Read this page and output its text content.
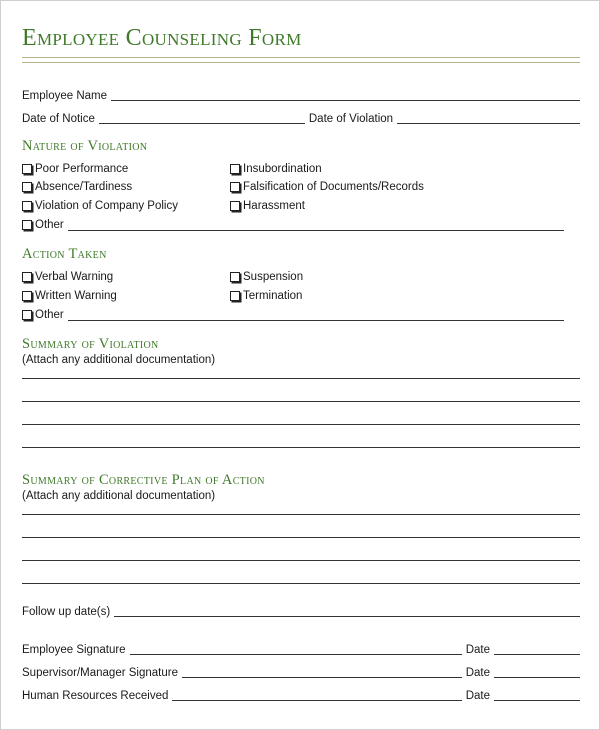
Employee Counseling Form
Employee Name
Date of Notice	Date of Violation
Nature of Violation
Poor Performance
Absence/Tardiness
Violation of Company Policy
Insubordination
Falsification of Documents/Records
Harassment
Other
Action Taken
Verbal Warning
Written Warning
Suspension
Termination
Other
Summary of Violation
(Attach any additional documentation)
Summary of Corrective Plan of Action
(Attach any additional documentation)
Follow up date(s)
Employee Signature	Date
Supervisor/Manager Signature	Date
Human Resources Received	Date
